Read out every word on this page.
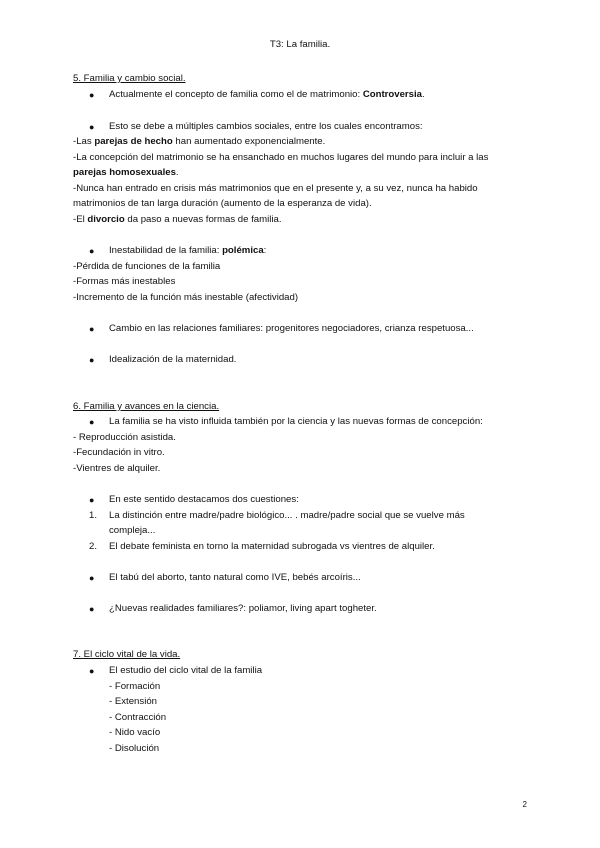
T3: La familia.
5. Familia y cambio social.
● Actualmente el concepto de familia como el de matrimonio: Controversia.
● Esto se debe a múltiples cambios sociales, entre los cuales encontramos:
-Las parejas de hecho han aumentado exponencialmente.
-La concepción del matrimonio se ha ensanchado en muchos lugares del mundo para incluir a las
parejas homosexuales.
-Nunca han entrado en crisis más matrimonios que en el presente y, a su vez, nunca ha habido
matrimonios de tan larga duración (aumento de la esperanza de vida).
-El divorcio da paso a nuevas formas de familia.
● Inestabilidad de la familia: polémica:
-Pérdida de funciones de la familia
-Formas más inestables
-Incremento de la función más inestable (afectividad)
● Cambio en las relaciones familiares: progenitores negociadores, crianza respetuosa...
● Idealización de la maternidad.
6. Familia y avances en la ciencia.
● La familia se ha visto influida también por la ciencia y las nuevas formas de concepción:
- Reproducción asistida.
-Fecundación in vitro.
-Vientres de alquiler.
● En este sentido destacamos dos cuestiones:
1. La distinción entre madre/padre biológico... . madre/padre social que se vuelve más
compleja...
2. El debate feminista en torno la maternidad subrogada vs vientres de alquiler.
● El tabú del aborto, tanto natural como IVE, bebés arcoíris...
● ¿Nuevas realidades familiares?: poliamor, living apart togheter.
7. El ciclo vital de la vida.
● El estudio del ciclo vital de la familia
- Formación
- Extensión
- Contracción
- Nido vacío
- Disolución
2
